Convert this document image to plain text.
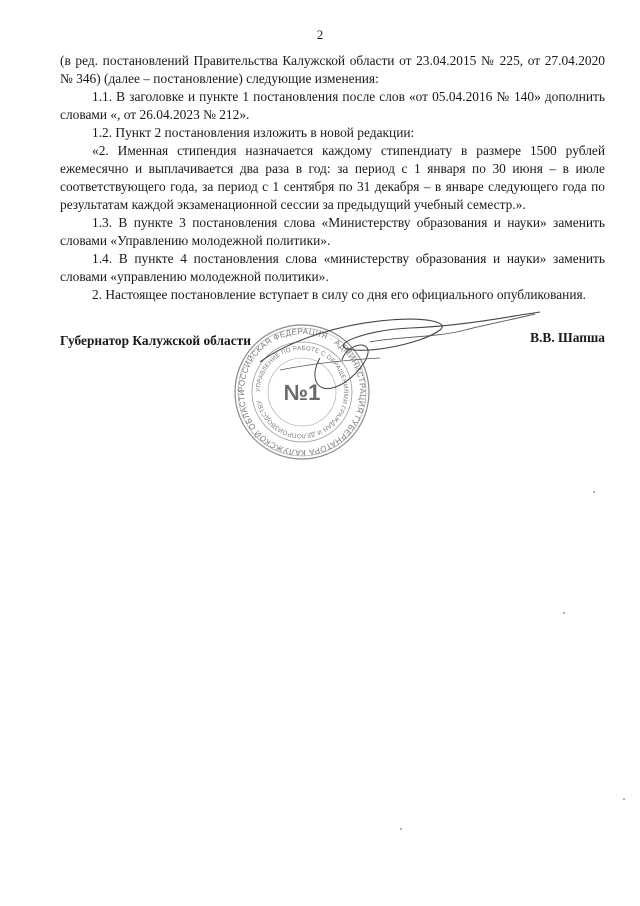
2

(в ред. постановлений Правительства Калужской области от 23.04.2015 № 225, от 27.04.2020 № 346) (далее – постановление) следующие изменения:

1.1. В заголовке и пункте 1 постановления после слов «от 05.04.2016 № 140» дополнить словами «, от 26.04.2023 № 212».

1.2. Пункт 2 постановления изложить в новой редакции:

«2. Именная стипендия назначается каждому стипендиату в размере 1500 рублей ежемесячно и выплачивается два раза в год: за период с 1 января по 30 июня – в июле соответствующего года, за период с 1 сентября по 31 декабря – в январе следующего года по результатам каждой экзаменационной сессии за предыдущий учебный семестр.».

1.3. В пункте 3 постановления слова «Министерству образования и науки» заменить словами «Управлению молодежной политики».

1.4. В пункте 4 постановления слова «министерству образования и науки» заменить словами «управлению молодежной политики».

2. Настоящее постановление вступает в силу со дня его официального опубликования.

РОССИЙСКАЯ ФЕДЕРАЦИЯ · АДМИНИСТРАЦИЯ ГУБЕРНАТОРА КАЛУЖСКОЙ ОБЛАСТИ	УПРАВЛЕНИЕ ПО РАБОТЕ С ОБРАЩЕНИЯМИ ГРАЖДАН И ДЕЛОПРОИЗВОДСТВУ №1
Губернатор Калужской области	В.В. Шапша
